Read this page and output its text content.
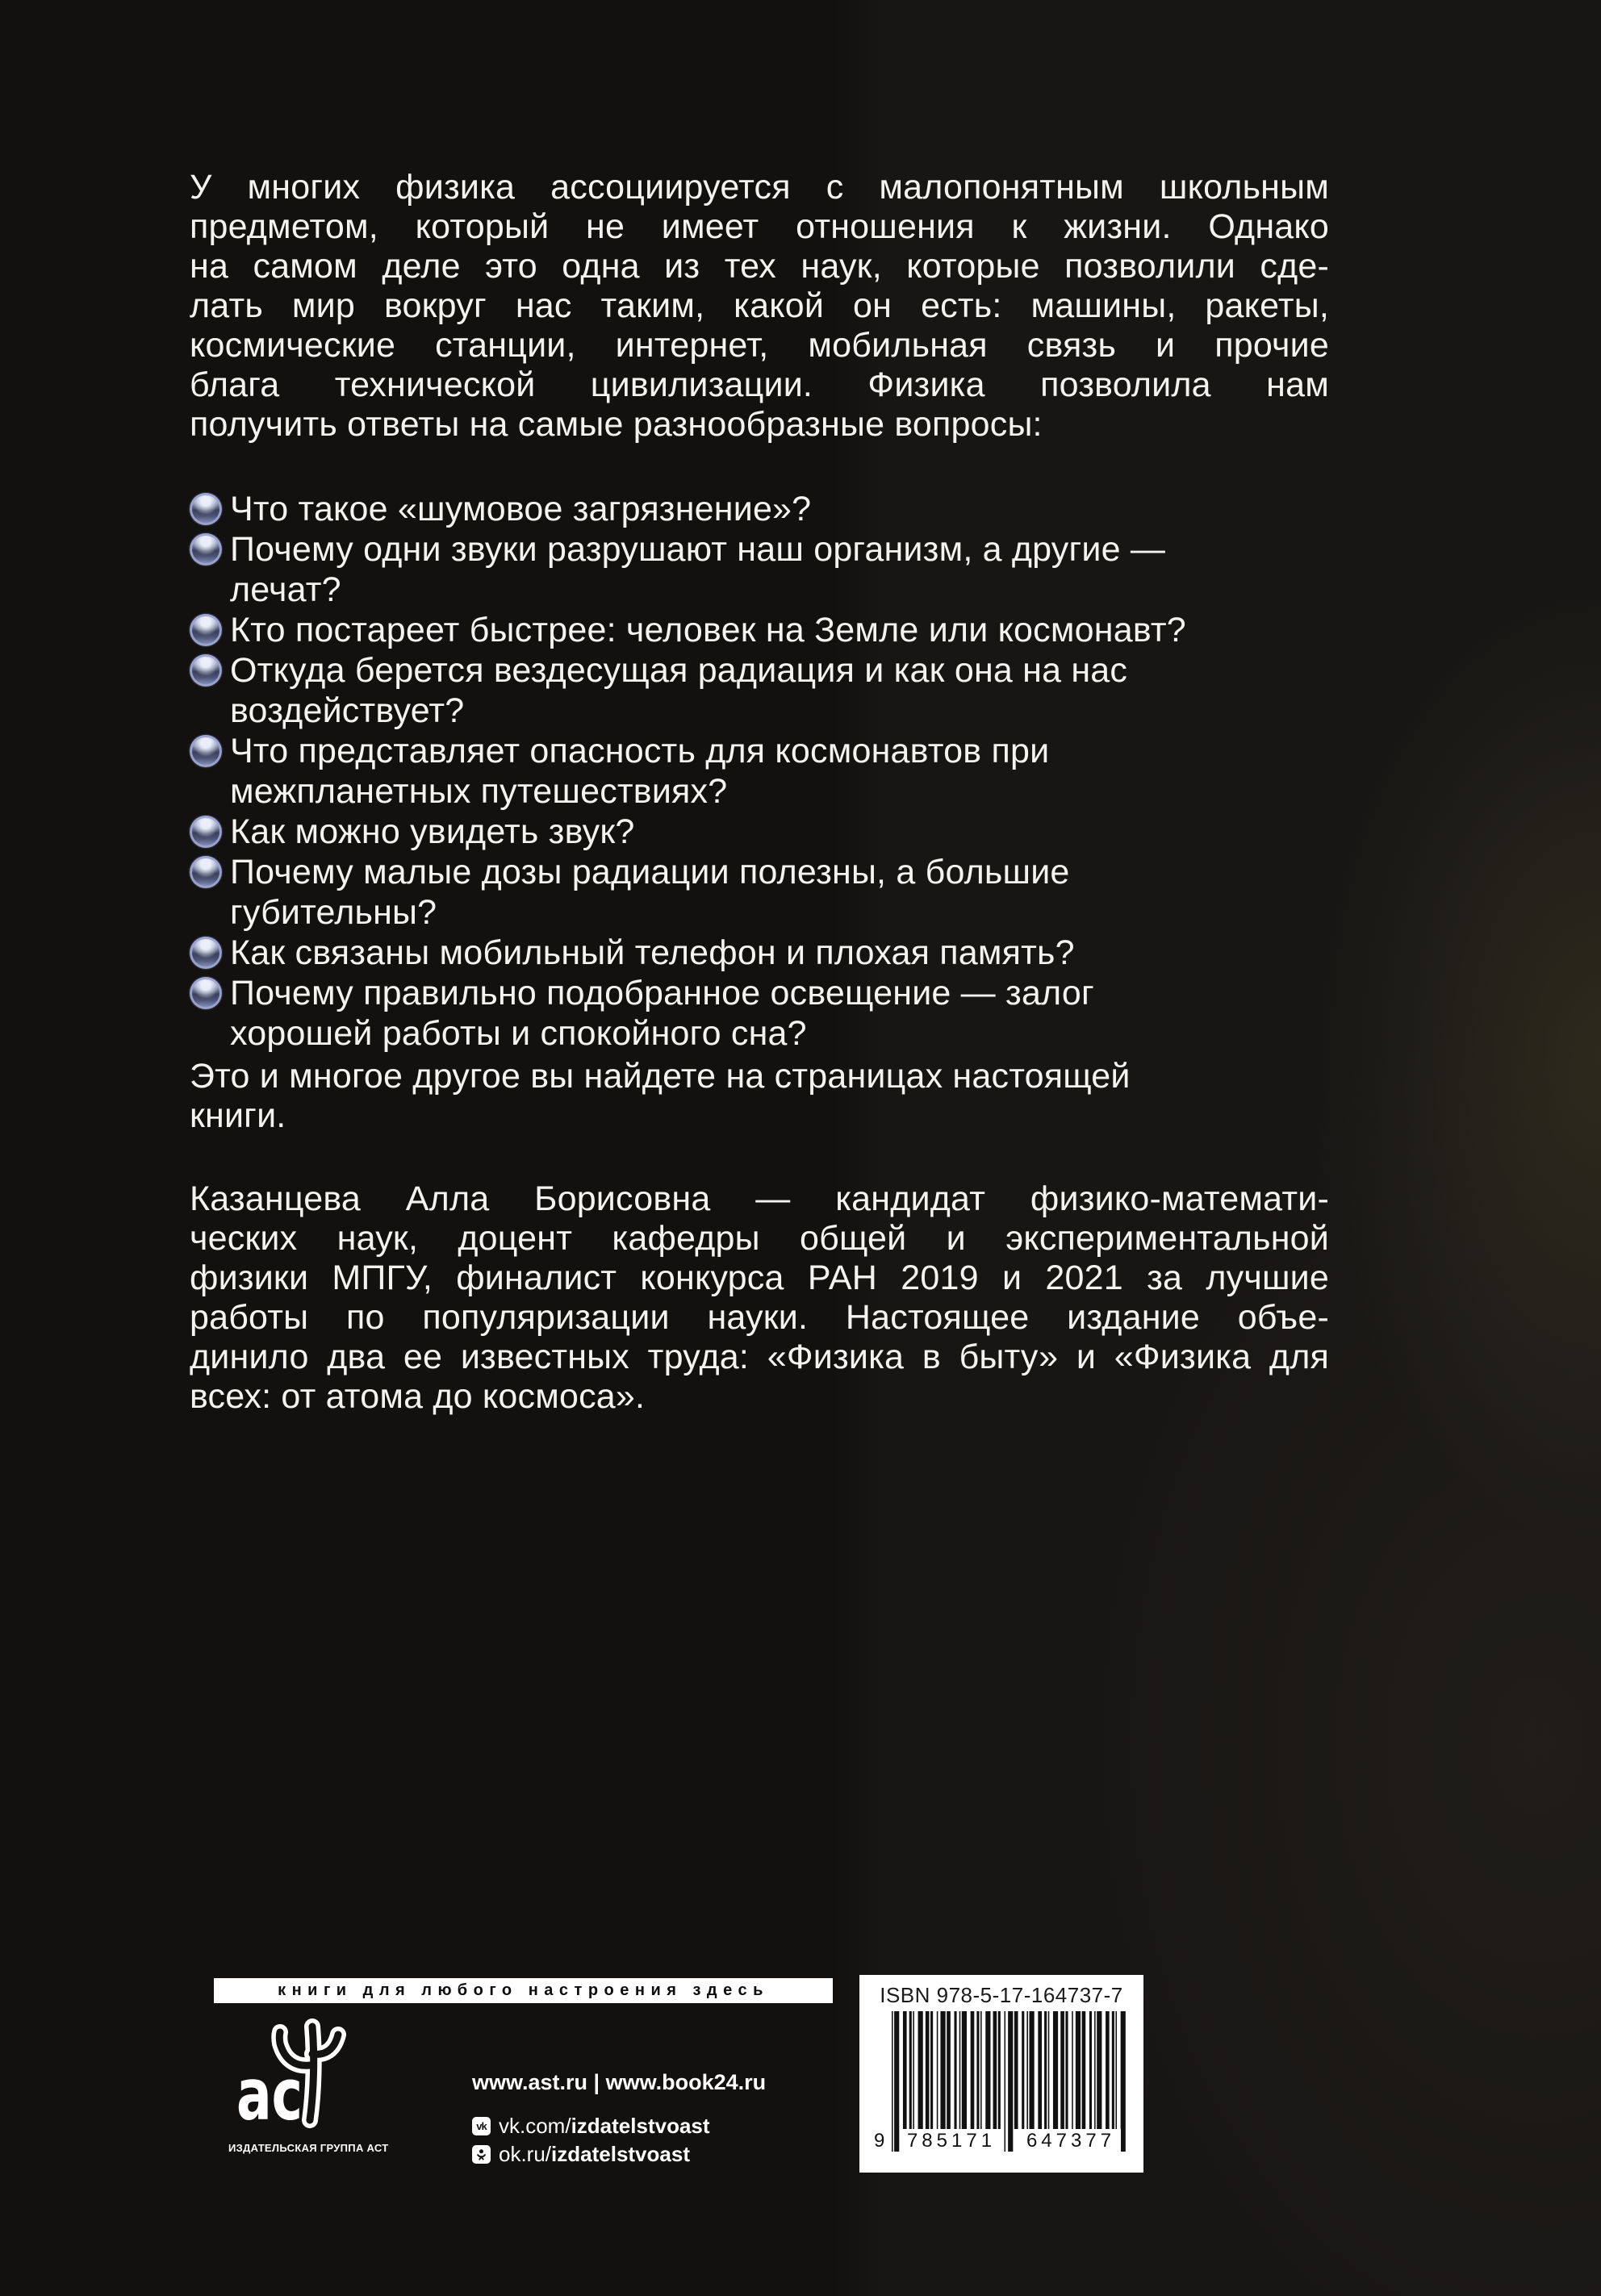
У многих физика ассоциируется с малопонятным школьным
предметом, который не имеет отношения к жизни. Однако
на самом деле это одна из тех наук, которые позволили сде-
лать мир вокруг нас таким, какой он есть: машины, ракеты,
космические станции, интернет, мобильная связь и прочие
блага технической цивилизации. Физика позволила нам
получить ответы на самые разнообразные вопросы:
Что такое «шумовое загрязнение»?
Почему одни звуки разрушают наш организм, а другие —
лечат?
Кто постареет быстрее: человек на Земле или космонавт?
Откуда берется вездесущая радиация и как она на нас
воздействует?
Что представляет опасность для космонавтов при
межпланетных путешествиях?
Как можно увидеть звук?
Почему малые дозы радиации полезны, а большие
губительны?
Как связаны мобильный телефон и плохая память?
Почему правильно подобранное освещение — залог
хорошей работы и спокойного сна?
Это и многое другое вы найдете на страницах настоящей
книги.
Казанцева Алла Борисовна — кандидат физико-математи-
ческих наук, доцент кафедры общей и экспериментальной
физики МПГУ, финалист конкурса РАН 2019 и 2021 за лучшие
работы по популяризации науки. Настоящее издание объе-
динило два ее известных труда: «Физика в быту» и «Физика для
всех: от атома до космоса».
книги для любого настроения здесь
ас
ИЗДАТЕЛЬСКАЯ ГРУППА АСТ
www.ast.ru | www.book24.ru
vk vk.com/izdatelstvoast
ok.ru/izdatelstvoast
ISBN 978-5-17-164737-7
9 785171 647377
